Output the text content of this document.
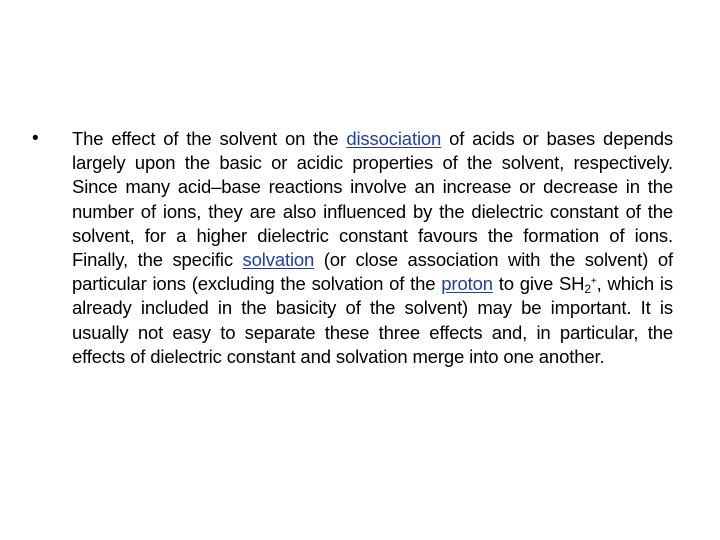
•	The effect of the solvent on the dissociation of acids or bases depends largely upon the basic or acidic properties of the solvent, respectively. Since many acid–base reactions involve an increase or decrease in the number of ions, they are also influenced by the dielectric constant of the solvent, for a higher dielectric constant favours the formation of ions. Finally, the specific solvation (or close association with the solvent) of particular ions (excluding the solvation of the proton to give $SH_2^+$, which is already included in the basicity of the solvent) may be important. It is usually not easy to separate these three effects and, in particular, the effects of dielectric constant and solvation merge into one another.
